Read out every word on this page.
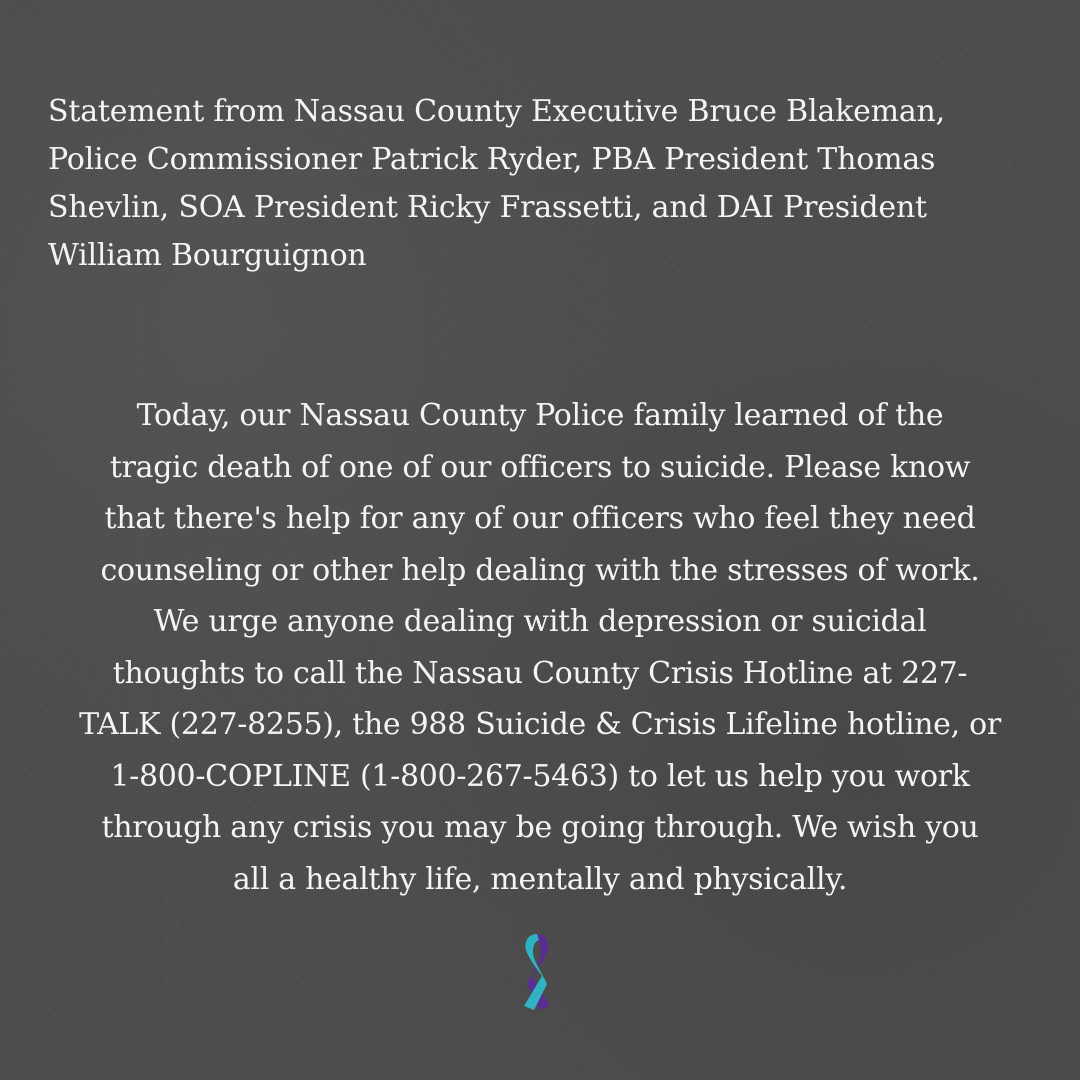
Statement from Nassau County Executive Bruce Blakeman,
Police Commissioner Patrick Ryder, PBA President Thomas
Shevlin, SOA President Ricky Frassetti, and DAI President
William Bourguignon

Today, our Nassau County Police family learned of the
tragic death of one of our officers to suicide. Please know
that there's help for any of our officers who feel they need
counseling or other help dealing with the stresses of work.
We urge anyone dealing with depression or suicidal
thoughts to call the Nassau County Crisis Hotline at 227-
TALK (227-8255), the 988 Suicide & Crisis Lifeline hotline, or
1-800-COPLINE (1-800-267-5463) to let us help you work
through any crisis you may be going through. We wish you
all a healthy life, mentally and physically.
